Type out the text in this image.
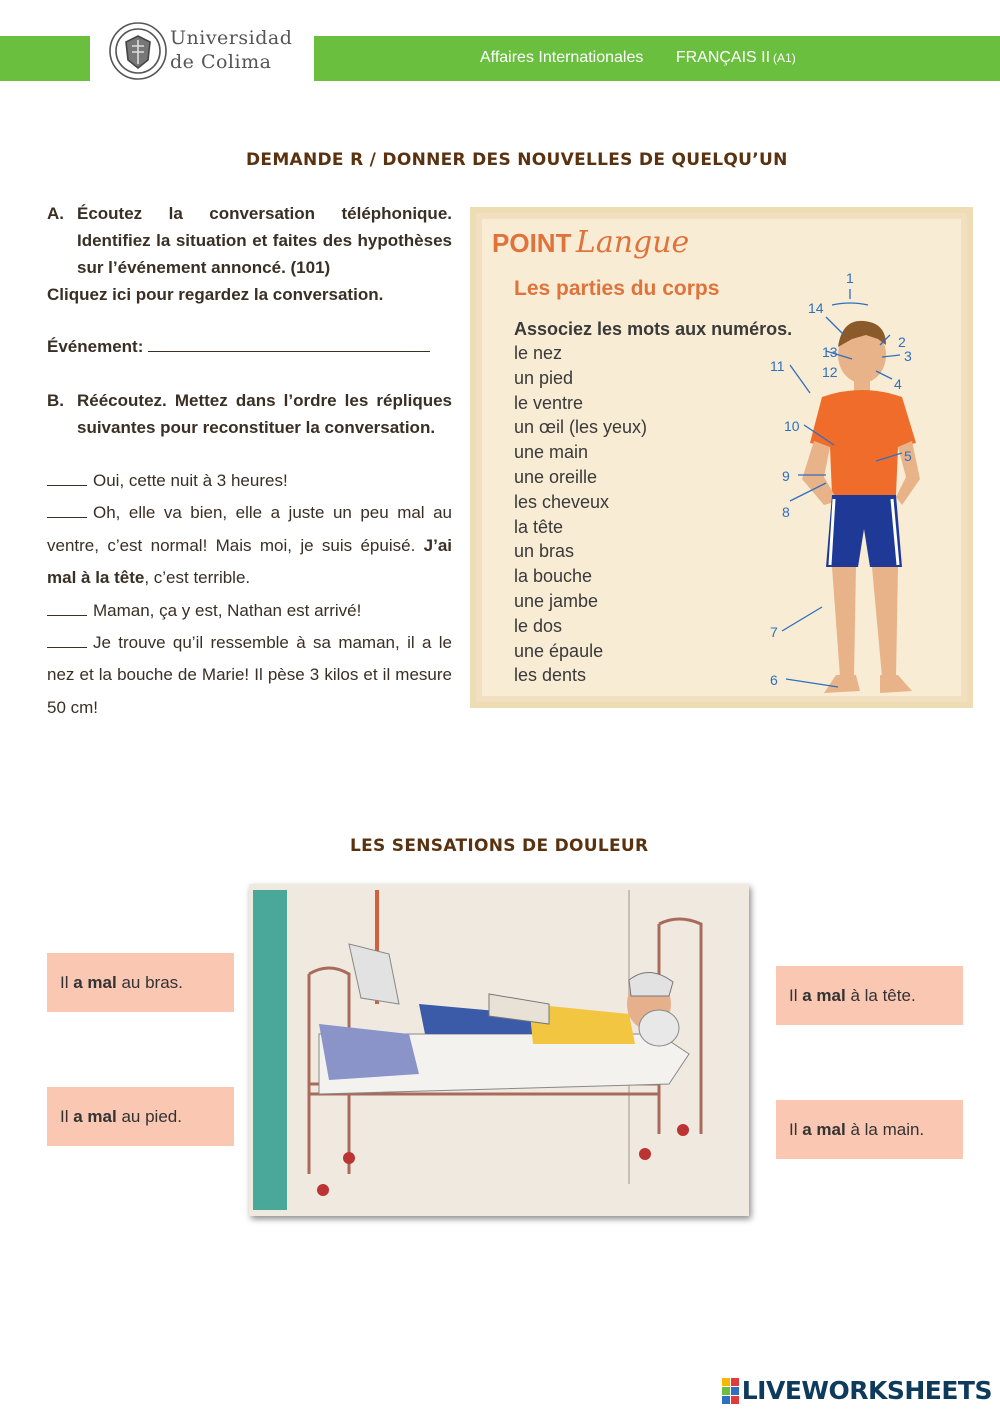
Universidad
de Colima	Affaires Internationales FRANÇAIS II (A1)
DEMANDE R / DONNER DES NOUVELLES DE QUELQU’UN
A. Écoutez la conversation téléphonique. Identifiez la situation et faites des hypothèses sur l’événement annoncé. (101)
Cliquez ici pour regardez la conversation.
Événement:
B. Réécoutez. Mettez dans l’ordre les répliques suivantes pour reconstituer la conversation.
Oui, cette nuit à 3 heures!
Oh, elle va bien, elle a juste un peu mal au ventre, c’est normal! Mais moi, je suis épuisé. J’ai mal à la tête, c’est terrible.
Maman, ça y est, Nathan est arrivé!
Je trouve qu’il ressemble à sa maman, il a le nez et la bouche de Marie! Il pèse 3 kilos et il mesure 50 cm!
POINT Langue
Les parties du corps
Associez les mots aux numéros.
le nez
un pied
le ventre
un œil (les yeux)
une main
une oreille
les cheveux
la tête
un bras
la bouche
une jambe
le dos
une épaule
les dents
1
2
3
4
5
6
7
8
9
10
11	12
13
14
LES SENSATIONS DE DOULEUR
Il
a mal
au bras.
Il
a mal
au pied.
Il
a mal
à la tête.
Il
a mal
à la main.
LIVEWORKSHEETS
